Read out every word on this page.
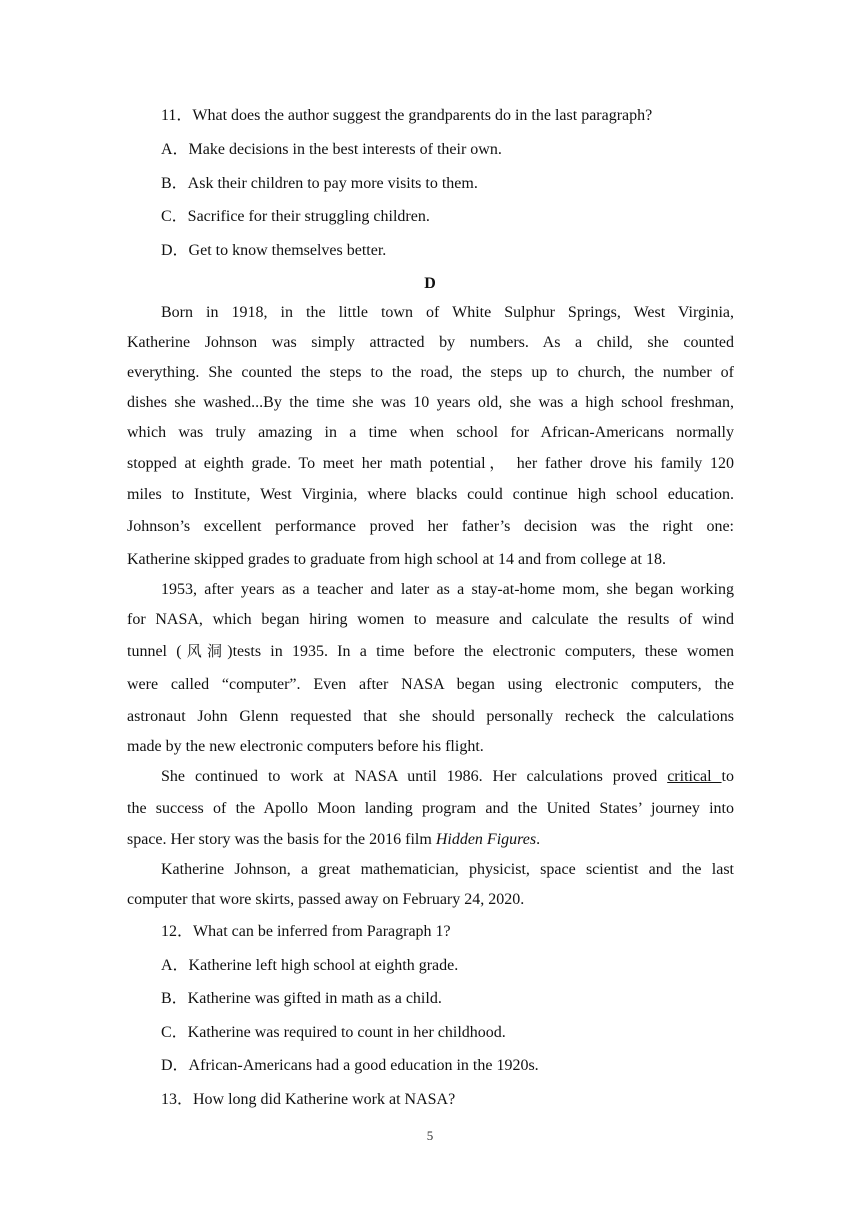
11．What does the author suggest the grandparents do in the last paragraph?
A．Make decisions in the best interests of their own.
B．Ask their children to pay more visits to them.
C．Sacrifice for their struggling children.
D．Get to know themselves better.
D
Born in 1918, in the little town of White Sulphur Springs, West Virginia,
Katherine Johnson was simply attracted by numbers. As a child, she counted
everything. She counted the steps to the road, the steps up to church, the number of
dishes she washed...By the time she was 10 years old, she was a high school freshman,
which was truly amazing in a time when school for African-Americans normally
stopped at eighth grade. To meet her math potential， her father drove his family 120
miles to Institute, West Virginia, where blacks could continue high school education.
Johnson’s excellent performance proved her father’s decision was the right one:
Katherine skipped grades to graduate from high school at 14 and from college at 18.
1953, after years as a teacher and later as a stay-at-home mom, she began working
for NASA, which began hiring women to measure and calculate the results of wind
tunnel (风洞)tests in 1935. In a time before the electronic computers, these women
were called “computer”. Even after NASA began using electronic computers, the
astronaut John Glenn requested that she should personally recheck the calculations
made by the new electronic computers before his flight.
She continued to work at NASA until 1986. Her calculations proved critical to
the success of the Apollo Moon landing program and the United States’ journey into
space. Her story was the basis for the 2016 film Hidden Figures.
Katherine Johnson, a great mathematician, physicist, space scientist and the last
computer that wore skirts, passed away on February 24, 2020.
12．What can be inferred from Paragraph 1?
A．Katherine left high school at eighth grade.
B．Katherine was gifted in math as a child.
C．Katherine was required to count in her childhood.
D．African-Americans had a good education in the 1920s.
13．How long did Katherine work at NASA?
5
